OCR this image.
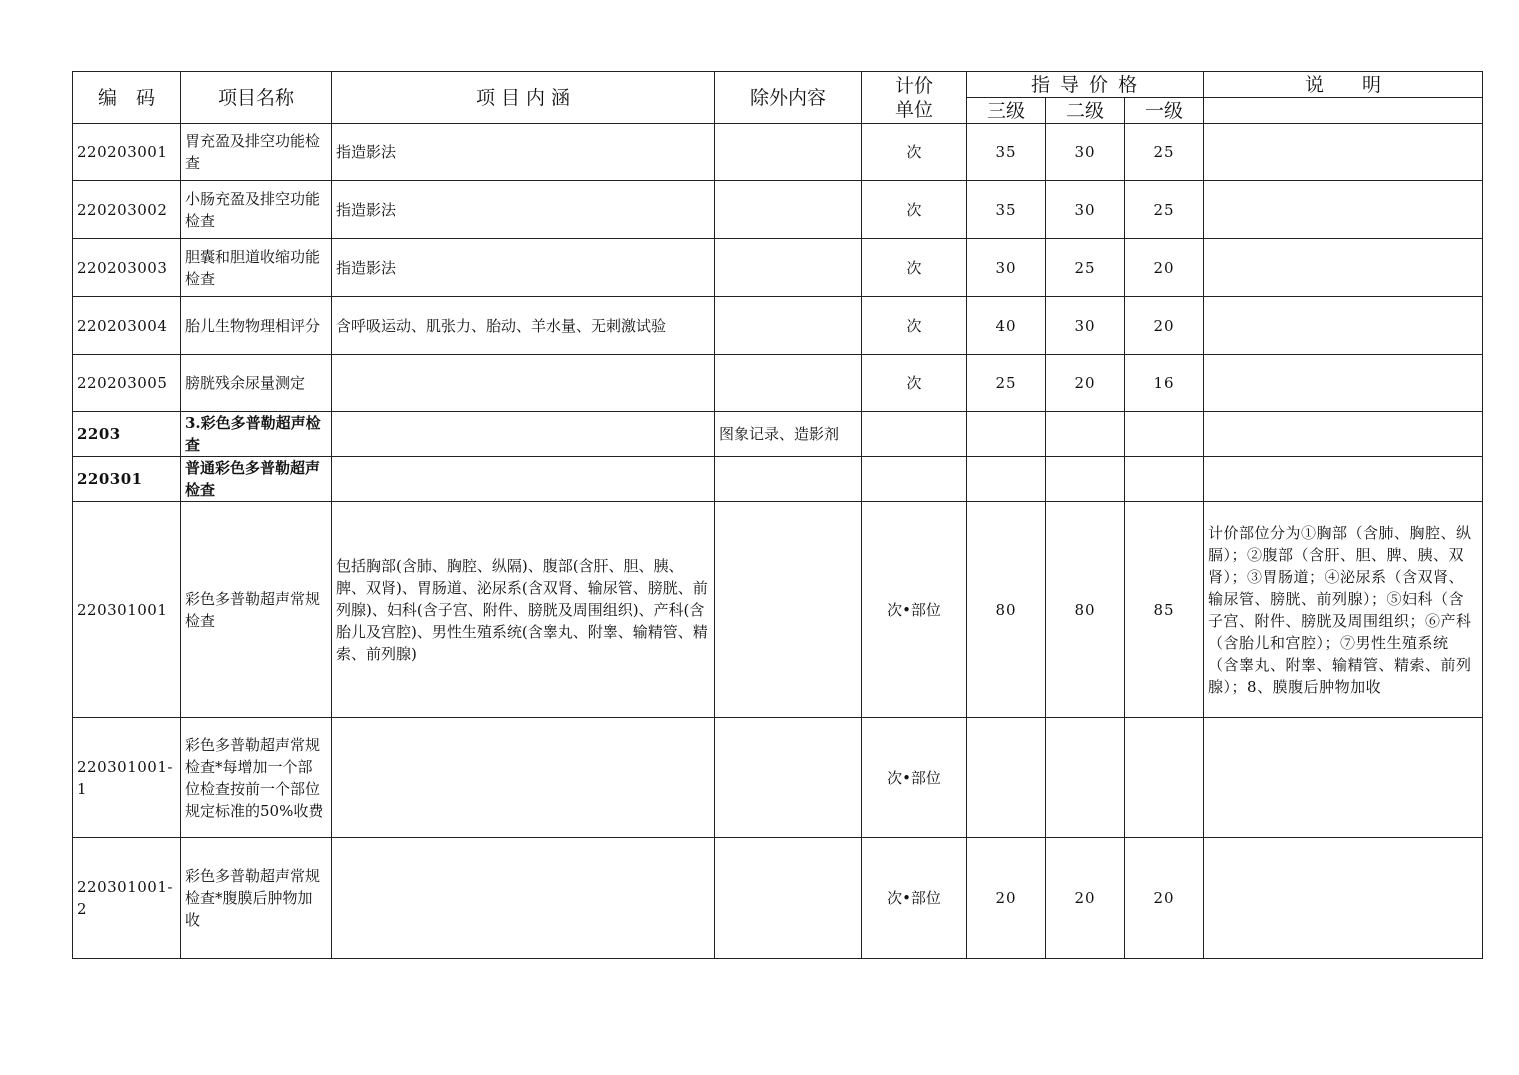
编　码	项目名称	项 目 内 涵	除外内容	计价
单位	指 导 价 格			说　　明
					三级	二级	一级	
220203001	胃充盈及排空功能检查	指造影法		次	35	30	25	
220203002	小肠充盈及排空功能检查	指造影法		次	35	30	25	
220203003	胆囊和胆道收缩功能检查	指造影法		次	30	25	20	
220203004	胎儿生物物理相评分	含呼吸运动、肌张力、胎动、羊水量、无刺激试验		次	40	30	20	
220203005	膀胱残余尿量测定			次	25	20	16	
2203	3.彩色多普勒超声检查		图象记录、造影剂					
220301	普通彩色多普勒超声检查							
220301001	彩色多普勒超声常规检查	包括胸部(含肺、胸腔、纵隔)、腹部(含肝、胆、胰、脾、双肾)、胃肠道、泌尿系(含双肾、输尿管、膀胱、前列腺)、妇科(含子宫、附件、膀胱及周围组织)、产科(含胎儿及宫腔)、男性生殖系统(含睾丸、附睾、输精管、精索、前列腺)		次•部位	80	80	85	计价部位分为①胸部（含肺、胸腔、纵膈）；②腹部（含肝、胆、脾、胰、双肾）；③胃肠道；④泌尿系（含双肾、输尿管、膀胱、前列腺）；⑤妇科（含子宫、附件、膀胱及周围组织；⑥产科（含胎儿和宫腔）；⑦男性生殖系统（含睾丸、附睾、输精管、精索、前列腺）；8、膜腹后肿物加收
220301001-1	彩色多普勒超声常规检查*每增加一个部位检查按前一个部位规定标准的50%收费			次•部位				
220301001-2	彩色多普勒超声常规检查*腹膜后肿物加收			次•部位	20	20	20	
